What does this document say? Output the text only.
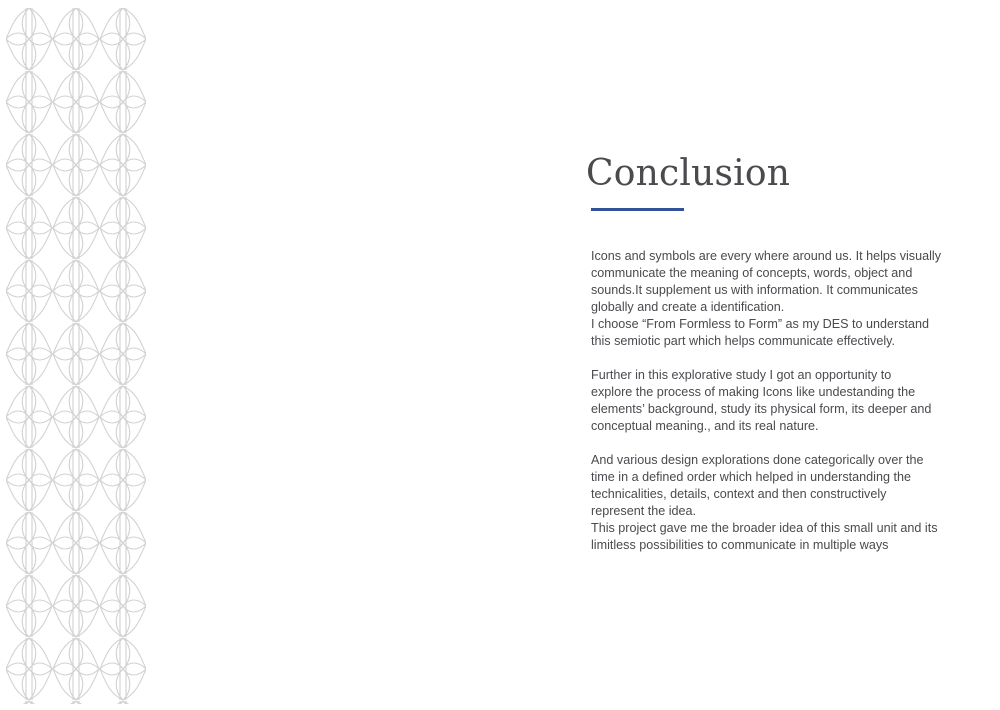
Conclusion

Icons and symbols are every where around us. It helps visually
communicate the meaning of concepts, words, object and
sounds.It supplement us with information. It communicates
globally and create a identification.
I choose “From Formless to Form” as my DES to understand
this semiotic part which helps communicate effectively.

Further in this explorative study I got an opportunity to
explore the process of making Icons like undestanding the
elements’ background, study its physical form, its deeper and
conceptual meaning., and its real nature.

And various design explorations done categorically over the
time in a defined order which helped in understanding the
technicalities, details, context and then constructively
represent the idea.
This project gave me the broader idea of this small unit and its
limitless possibilities to communicate in multiple ways
